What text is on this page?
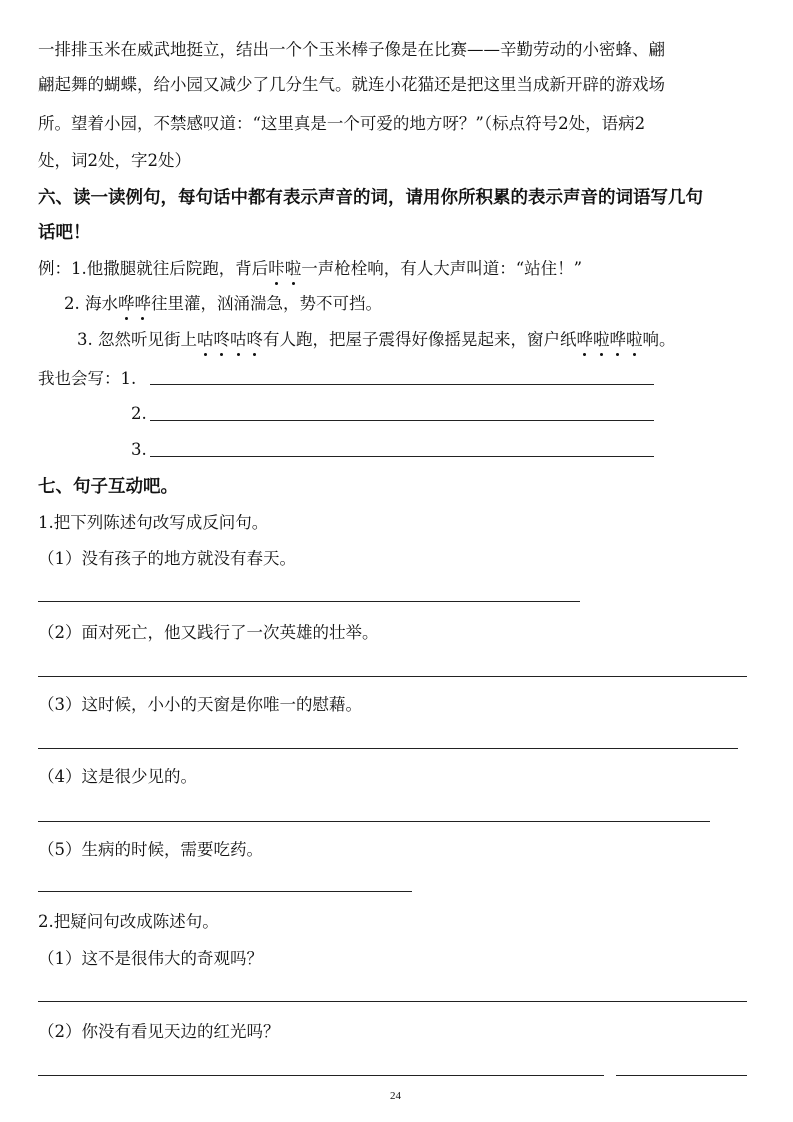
一排排玉米在威武地挺立，结出一个个玉米棒子像是在比赛——辛勤劳动的小密蜂、翩
翩起舞的蝴蝶，给小园又减少了几分生气。就连小花猫还是把这里当成新开辟的游戏场
所。望着小园，不禁感叹道：“这里真是一个可爱的地方呀？”（标点符号2处，语病2
处，词2处，字2处）
六、读一读例句，每句话中都有表示声音的词，请用你所积累的表示声音的词语写几句
话吧！
例：1.他撒腿就往后院跑，背后咔啦一声枪栓响，有人大声叫道：“站住！”
2. 海水哗哗往里灌，汹涌湍急，势不可挡。
3. 忽然听见街上咕咚咕咚有人跑，把屋子震得好像摇晃起来，窗户纸哗啦哗啦响。
我也会写：1.
2.
3.
七、句子互动吧。
1.把下列陈述句改写成反问句。
（1）没有孩子的地方就没有春天。
（2）面对死亡，他又践行了一次英雄的壮举。
（3）这时候，小小的天窗是你唯一的慰藉。
（4）这是很少见的。
（5）生病的时候，需要吃药。
2.把疑问句改成陈述句。
（1）这不是很伟大的奇观吗？
（2）你没有看见天边的红光吗？
24
